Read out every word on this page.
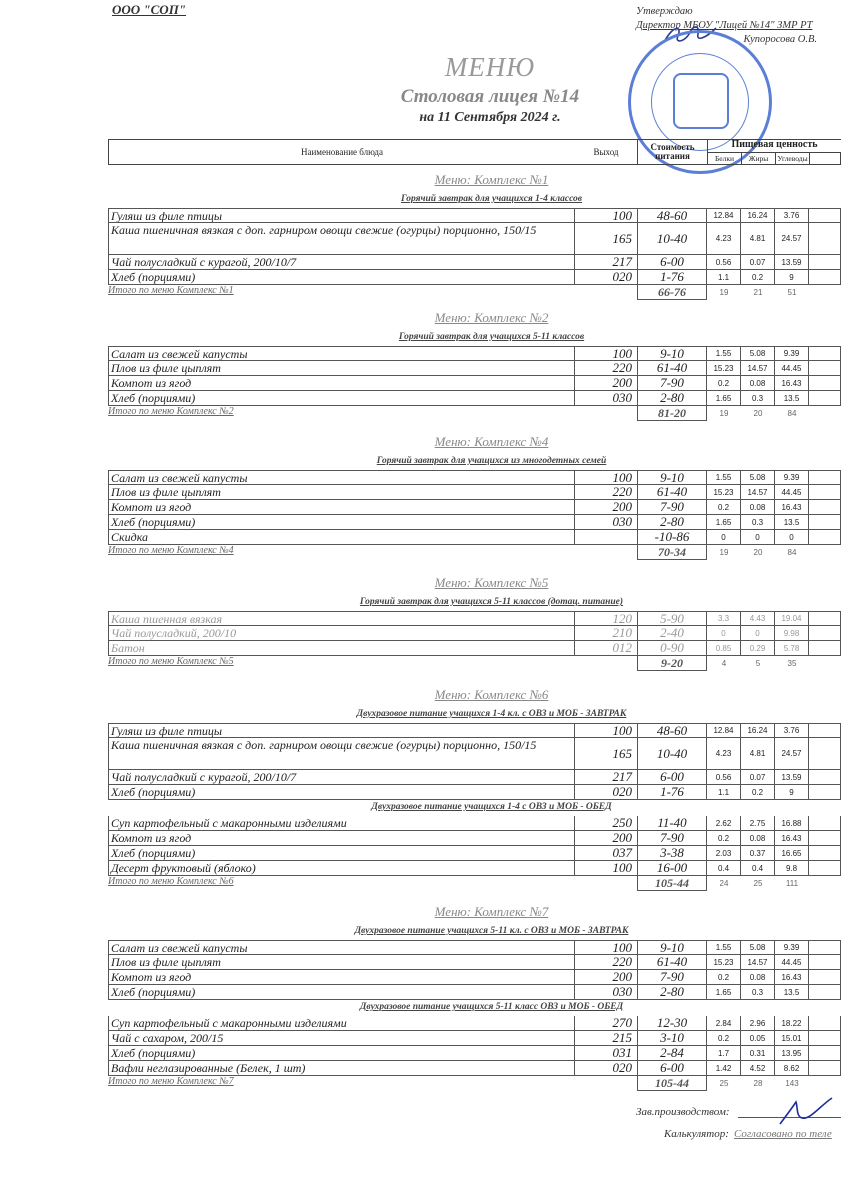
ООО "СОП"	Утверждаю
Директор МБОУ "Лицей №14" ЗМР РТ
Купоросова О.В.
МЕНЮ
Столовая лицея №14
на 11 Сентября 2024 г.
Наименование блюда	Выход	Стоимость питания
Пищевая ценность
Белки	Жиры	Углеводы
Меню: Комплекс №1
Горячий завтрак для учащихся 1-4 классов
Гуляш из филе птицы	100	48-60	12.84	16.24	3.76
Каша пшеничная вязкая с доп. гарниром овощи свежие (огурцы) порционно, 150/15
165	10-40	4.23	4.81	24.57
Чай полусладкий с курагой, 200/10/7	217	6-00	0.56	0.07	13.59
Хлеб (порциями)	020	1-76	1.1	0.2	9
Итого по меню Комплекс №1	66-76	19	21	51
Меню: Комплекс №2
Горячий завтрак для учащихся 5-11 классов
Салат из свежей капусты	100	9-10	1.55	5.08	9.39
Плов из филе цыплят	220	61-40	15.23	14.57	44.45
Компот из ягод	200	7-90	0.2	0.08	16.43
Хлеб (порциями)	030	2-80	1.65	0.3	13.5
Итого по меню Комплекс №2	81-20	19	20	84
Меню: Комплекс №4
Горячий завтрак для учащихся из многодетных семей
Салат из свежей капусты	100	9-10	1.55	5.08	9.39
Плов из филе цыплят	220	61-40	15.23	14.57	44.45
Компот из ягод	200	7-90	0.2	0.08	16.43
Хлеб (порциями)	030	2-80	1.65	0.3	13.5
Скидка	-10-86	0	0	0
Итого по меню Комплекс №4	70-34	19	20	84
Меню: Комплекс №5
Горячий завтрак для учащихся 5-11 классов (дотац. питание)
Каша пшенная вязкая	120	5-90	3.3	4.43	19.04
Чай полусладкий, 200/10	210	2-40	0	0	9.98
Батон	012	0-90	0.85	0.29	5.78
Итого по меню Комплекс №5	9-20	4	5	35
Меню: Комплекс №6
Двухразовое питание учащихся 1-4 кл. с ОВЗ и МОБ - ЗАВТРАК
Гуляш из филе птицы	100	48-60	12.84	16.24	3.76
Каша пшеничная вязкая с доп. гарниром овощи свежие (огурцы) порционно, 150/15
165	10-40	4.23	4.81	24.57
Чай полусладкий с курагой, 200/10/7	217	6-00	0.56	0.07	13.59
Хлеб (порциями)	020	1-76	1.1	0.2	9
Двухразовое питание учащихся 1-4 с ОВЗ и МОБ - ОБЕД
Суп картофельный с макаронными изделиями	250	11-40	2.62	2.75	16.88
Компот из ягод	200	7-90	0.2	0.08	16.43
Хлеб (порциями)	037	3-38	2.03	0.37	16.65
Десерт фруктовый (яблоко)	100	16-00	0.4	0.4	9.8
Итого по меню Комплекс №6	105-44	24	25	111
Меню: Комплекс №7
Двухразовое питание учащихся 5-11 кл. с ОВЗ и МОБ - ЗАВТРАК
Салат из свежей капусты	100	9-10	1.55	5.08	9.39
Плов из филе цыплят	220	61-40	15.23	14.57	44.45
Компот из ягод	200	7-90	0.2	0.08	16.43
Хлеб (порциями)	030	2-80	1.65	0.3	13.5
Двухразовое питание учащихся 5-11 класс ОВЗ и МОБ - ОБЕД
Суп картофельный с макаронными изделиями	270	12-30	2.84	2.96	18.22
Чай с сахаром, 200/15	215	3-10	0.2	0.05	15.01
Хлеб (порциями)	031	2-84	1.7	0.31	13.95
Вафли неглазированные (Белек, 1 шт)	020	6-00	1.42	4.52	8.62
Итого по меню Комплекс №7	105-44	25	28	143
Зав.производством:
Калькулятор: Согласовано по теле
